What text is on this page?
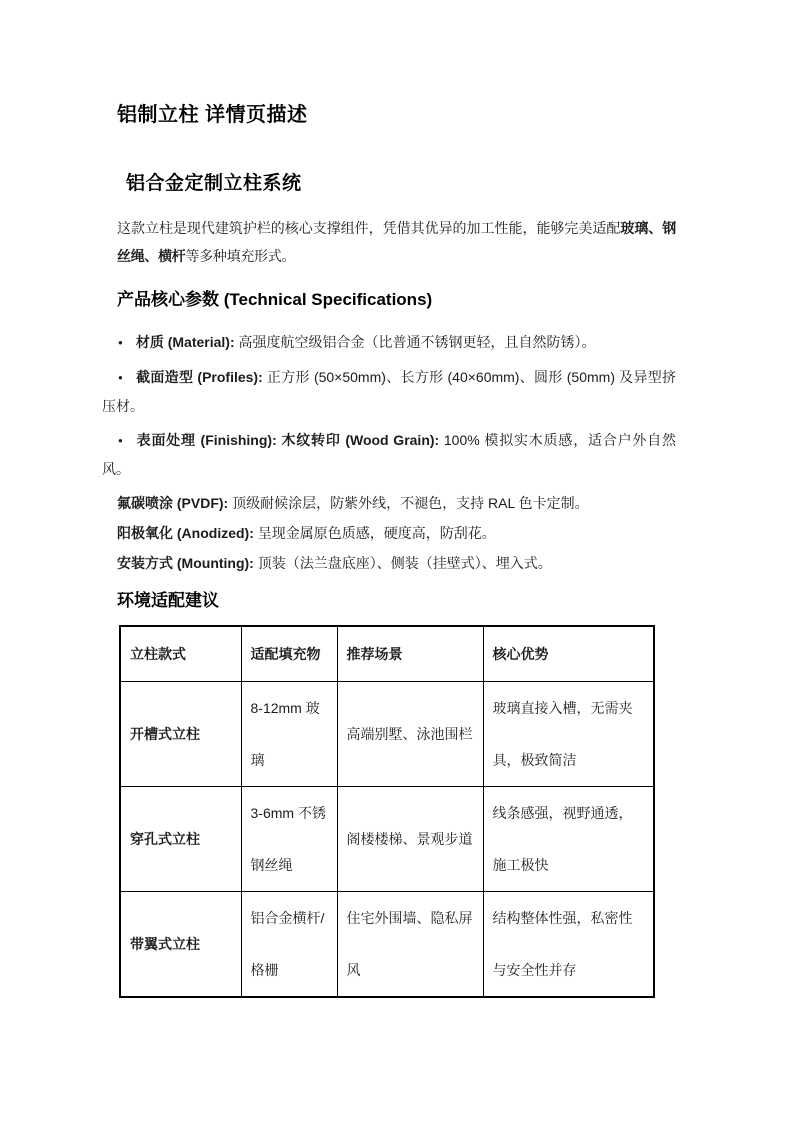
铝制立柱 详情页描述
铝合金定制立柱系统

这款立柱是现代建筑护栏的核心支撑组件，凭借其优异的加工性能，能够完美适配玻璃、钢丝绳、横杆等多种填充形式。

产品核心参数 (Technical Specifications)

● 材质 (Material): 高强度航空级铝合金（比普通不锈钢更轻，且自然防锈）。

● 截面造型 (Profiles): 正方形 (50×50mm)、长方形 (40×60mm)、圆形 (50mm) 及异型挤压材。

● 表面处理 (Finishing): 木纹转印 (Wood Grain): 100% 模拟实木质感，适合户外自然风。

氟碳喷涂 (PVDF): 顶级耐候涂层，防紫外线，不褪色，支持 RAL 色卡定制。

阳极氧化 (Anodized): 呈现金属原色质感，硬度高，防刮花。

安装方式 (Mounting): 顶装（法兰盘底座）、侧装（挂壁式）、埋入式。

环境适配建议
立柱款式	适配填充物	推荐场景	核心优势
开槽式立柱	8-12mm 玻璃	高端别墅、泳池围栏	玻璃直接入槽，无需夹具，极致简洁
穿孔式立柱	3-6mm 不锈钢丝绳	阁楼楼梯、景观步道	线条感强，视野通透，施工极快
带翼式立柱	铝合金横杆/格栅	住宅外围墙、隐私屏风	结构整体性强，私密性与安全性并存
